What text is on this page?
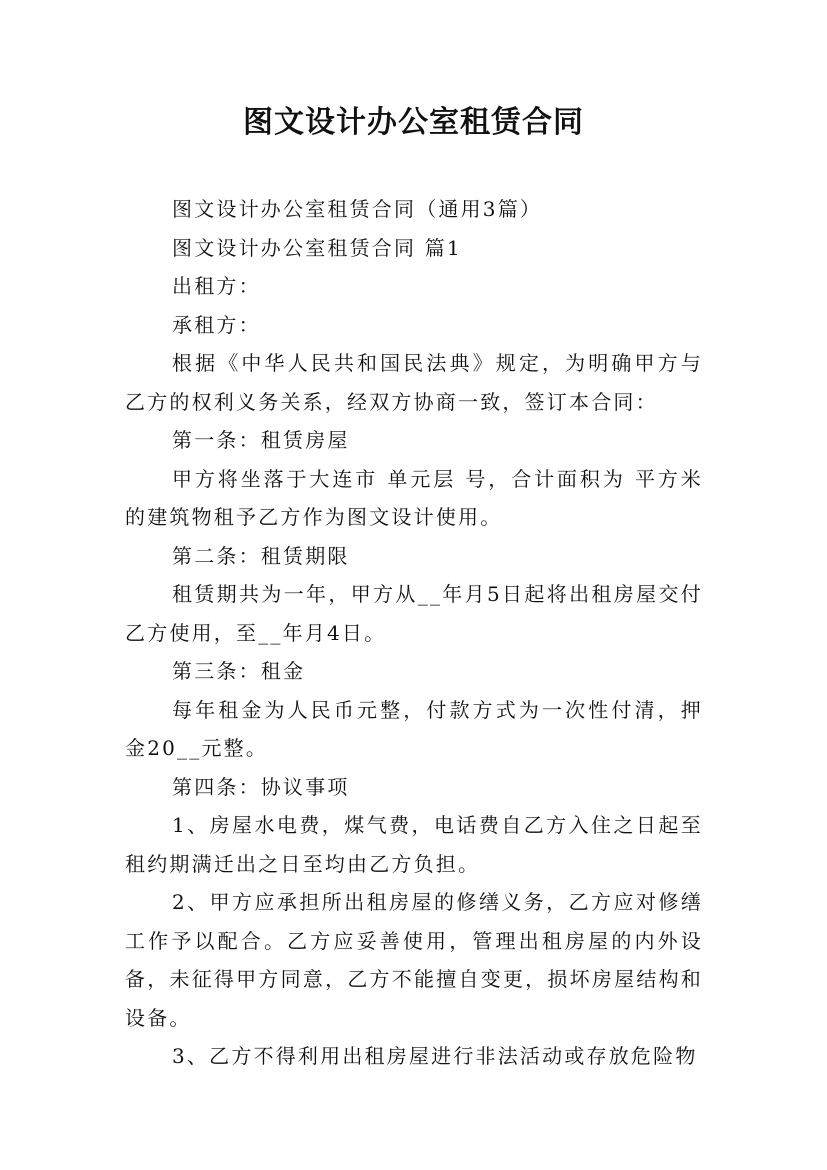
图文设计办公室租赁合同

图文设计办公室租赁合同（通用3篇）

图文设计办公室租赁合同 篇1

出租方：

承租方：

根据《中华人民共和国民法典》规定，为明确甲方与乙方的权利义务关系，经双方协商一致，签订本合同：

第一条：租赁房屋

甲方将坐落于大连市 单元层 号，合计面积为 平方米的建筑物租予乙方作为图文设计使用。

第二条：租赁期限

租赁期共为一年，甲方从__年月5日起将出租房屋交付乙方使用，至__年月4日。

第三条：租金

每年租金为人民币元整，付款方式为一次性付清，押金20__元整。

第四条：协议事项

1、房屋水电费，煤气费，电话费自乙方入住之日起至租约期满迁出之日至均由乙方负担。

2、甲方应承担所出租房屋的修缮义务，乙方应对修缮工作予以配合。乙方应妥善使用，管理出租房屋的内外设备，未征得甲方同意，乙方不能擅自变更，损坏房屋结构和设备。

3、乙方不得利用出租房屋进行非法活动或存放危险物
